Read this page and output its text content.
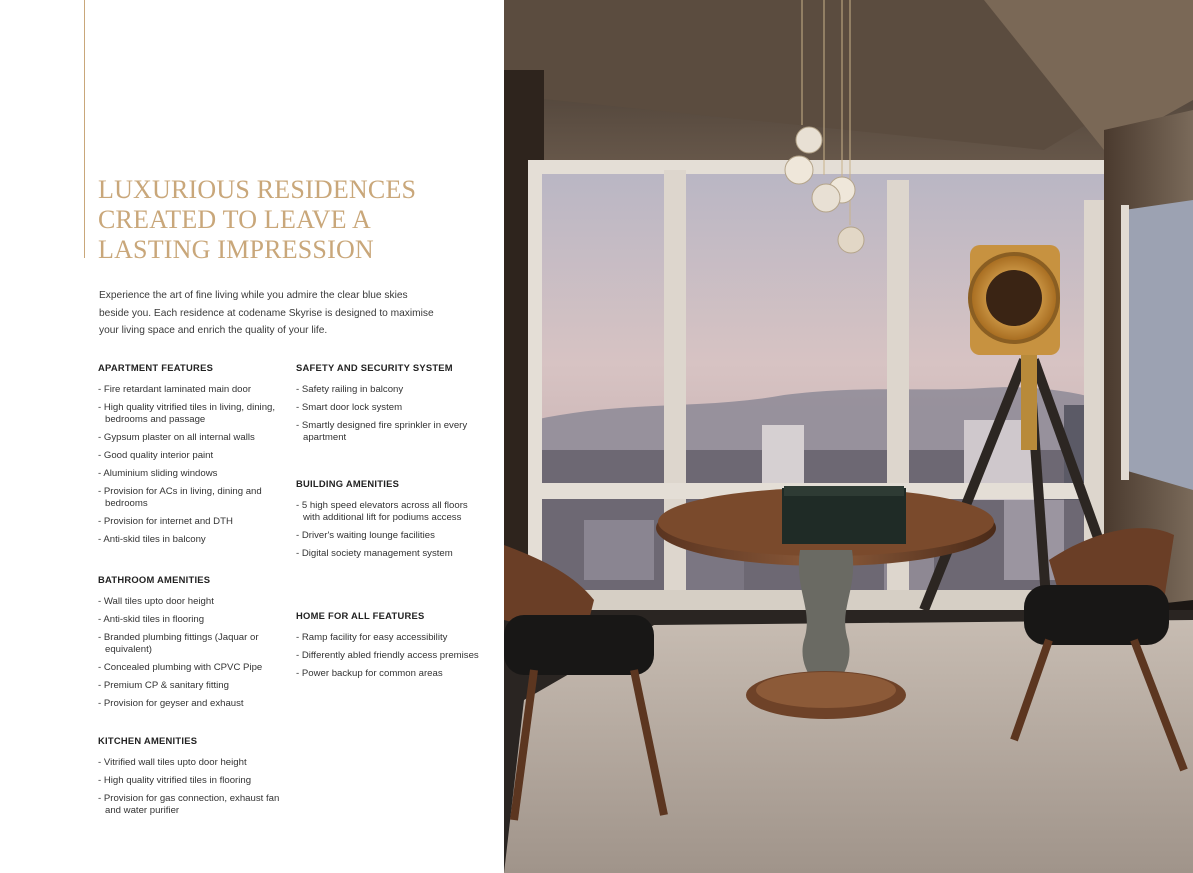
LUXURIOUS RESIDENCES
CREATED TO LEAVE A
LASTING IMPRESSION

Experience the art of fine living while you admire the clear blue skies beside you. Each residence at codename Skyrise is designed to maximise your living space and enrich the quality of your life.

APARTMENT FEATURES
- Fire retardant laminated main door
- High quality vitrified tiles in living, dining, bedrooms and passage
- Gypsum plaster on all internal walls
- Good quality interior paint
- Aluminium sliding windows
- Provision for ACs in living, dining and bedrooms
- Provision for internet and DTH
- Anti-skid tiles in balcony
BATHROOM AMENITIES
- Wall tiles upto door height
- Anti-skid tiles in flooring
- Branded plumbing fittings (Jaquar or equivalent)
- Concealed plumbing with CPVC Pipe
- Premium CP & sanitary fitting
- Provision for geyser and exhaust
KITCHEN AMENITIES
- Vitrified wall tiles upto door height
- High quality vitrified tiles in flooring
- Provision for gas connection, exhaust fan and water purifier
SAFETY AND SECURITY SYSTEM
- Safety railing in balcony
- Smart door lock system
- Smartly designed fire sprinkler in every apartment
BUILDING AMENITIES
- 5 high speed elevators across all floors with additional lift for podiums access
- Driver's waiting lounge facilities
- Digital society management system
HOME FOR ALL FEATURES
- Ramp facility for easy accessibility
- Differently abled friendly access premises
- Power backup for common areas
